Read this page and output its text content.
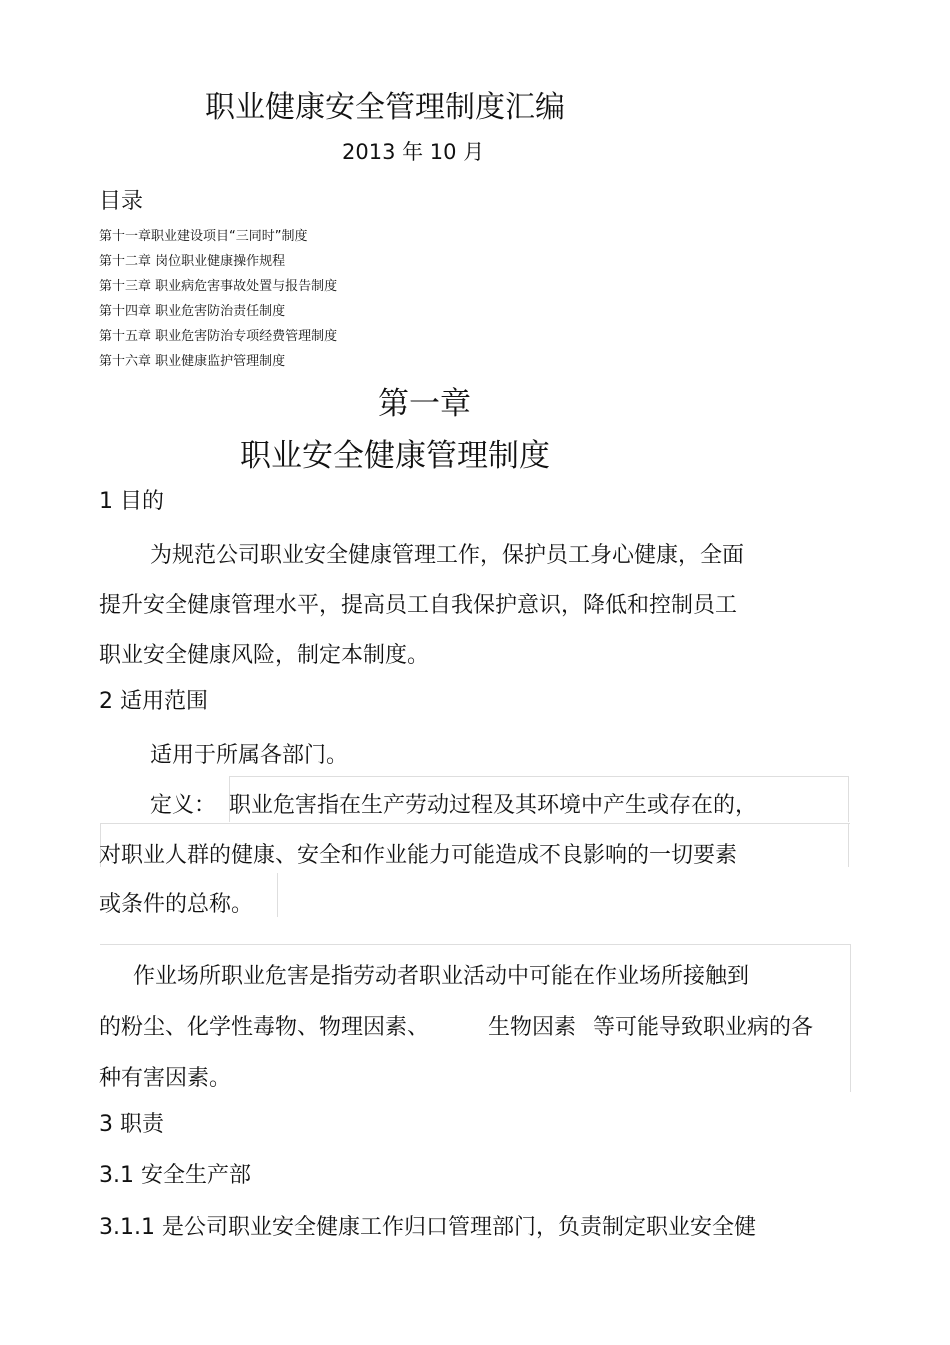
职业健康安全管理制度汇编
2013 年 10 月
目录
第十一章职业建设项目“三同时”制度
第十二章 岗位职业健康操作规程
第十三章 职业病危害事故处置与报告制度
第十四章 职业危害防治责任制度
第十五章 职业危害防治专项经费管理制度
第十六章 职业健康监护管理制度
第一章
职业安全健康管理制度
1 目的
为规范公司职业安全健康管理工作，保护员工身心健康，全面
提升安全健康管理水平，提高员工自我保护意识，降低和控制员工
职业安全健康风险，制定本制度。
2 适用范围
适用于所属各部门。
定义： 职业危害指在生产劳动过程及其环境中产生或存在的，
对职业人群的健康、安全和作业能力可能造成不良影响的一切要素
或条件的总称。
作业场所职业危害是指劳动者职业活动中可能在作业场所接触到
的粉尘、化学性毒物、物理因素、	生物因素 等可能导致职业病的各
种有害因素。
3 职责
3.1 安全生产部
3.1.1 是公司职业安全健康工作归口管理部门，负责制定职业安全健
